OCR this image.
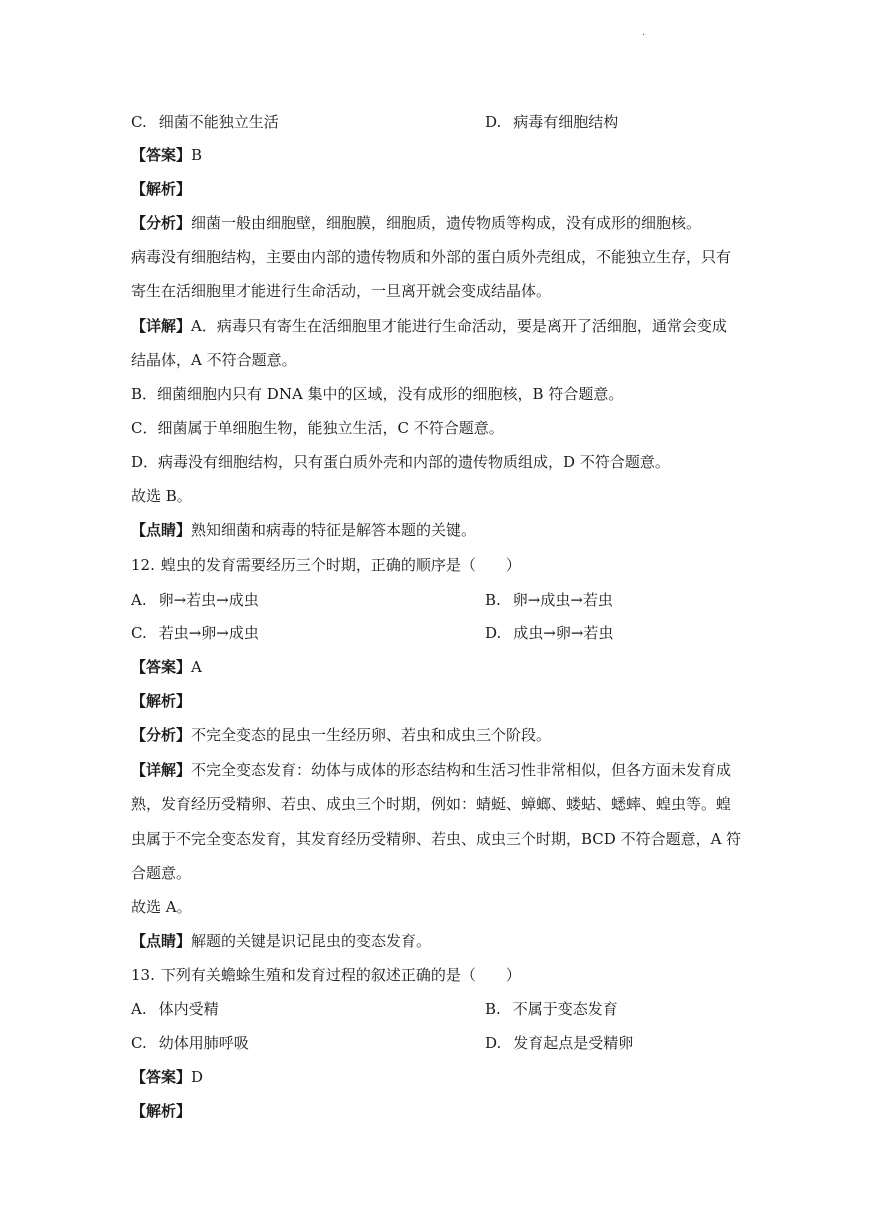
·
C. 细菌不能独立生活	D. 病毒有细胞结构
【答案】B
【解析】
【分析】细菌一般由细胞壁，细胞膜，细胞质，遗传物质等构成，没有成形的细胞核。
病毒没有细胞结构，主要由内部的遗传物质和外部的蛋白质外壳组成，不能独立生存，只有
寄生在活细胞里才能进行生命活动，一旦离开就会变成结晶体。
【详解】A．病毒只有寄生在活细胞里才能进行生命活动，要是离开了活细胞，通常会变成
结晶体，A 不符合题意。
B．细菌细胞内只有 DNA 集中的区域，没有成形的细胞核，B 符合题意。
C．细菌属于单细胞生物，能独立生活，C 不符合题意。
D．病毒没有细胞结构，只有蛋白质外壳和内部的遗传物质组成，D 不符合题意。
故选 B。
【点睛】熟知细菌和病毒的特征是解答本题的关键。
12. 蝗虫的发育需要经历三个时期，正确的顺序是（　　）
A. 卵→若虫→成虫	B. 卵→成虫→若虫
C. 若虫→卵→成虫	D. 成虫→卵→若虫
【答案】A
【解析】
【分析】不完全变态的昆虫一生经历卵、若虫和成虫三个阶段。
【详解】不完全变态发育：幼体与成体的形态结构和生活习性非常相似，但各方面未发育成
熟，发育经历受精卵、若虫、成虫三个时期，例如：蜻蜓、蟑螂、蝼蛄、蟋蟀、蝗虫等。蝗
虫属于不完全变态发育，其发育经历受精卵、若虫、成虫三个时期，BCD 不符合题意，A 符
合题意。
故选 A。
【点睛】解题的关键是识记昆虫的变态发育。
13. 下列有关蟾蜍生殖和发育过程的叙述正确的是（　　）
A. 体内受精	B. 不属于变态发育
C. 幼体用肺呼吸	D. 发育起点是受精卵
【答案】D
【解析】
